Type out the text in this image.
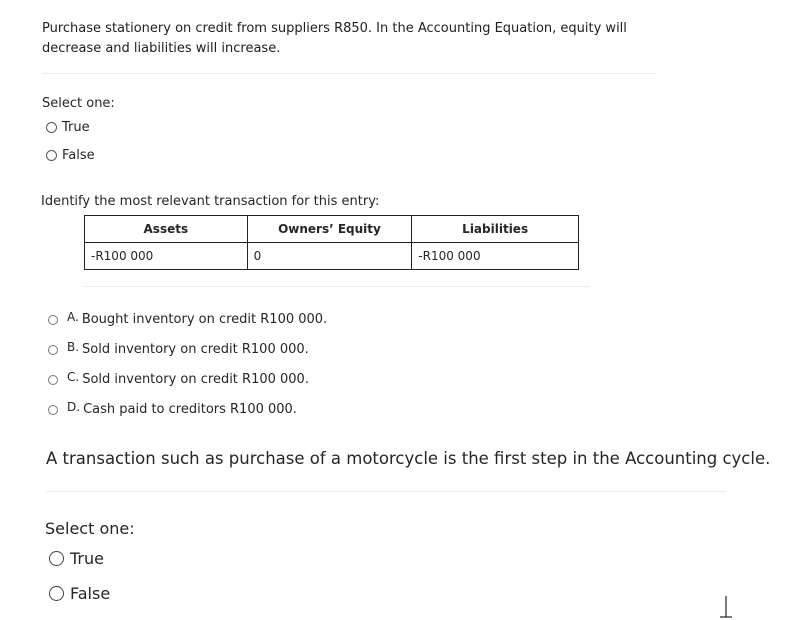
Purchase stationery on credit from suppliers R850. In the Accounting Equation, equity will decrease and liabilities will increase.
Select one:
True
False
Identify the most relevant transaction for this entry:
Assets	Owners’ Equity	Liabilities
-R100 000	0	-R100 000
A. Bought inventory on credit R100 000.
B. Sold inventory on credit R100 000.
C. Sold inventory on credit R100 000.
D. Cash paid to creditors R100 000.
A transaction such as purchase of a motorcycle is the first step in the Accounting cycle.
Select one:
True
False
